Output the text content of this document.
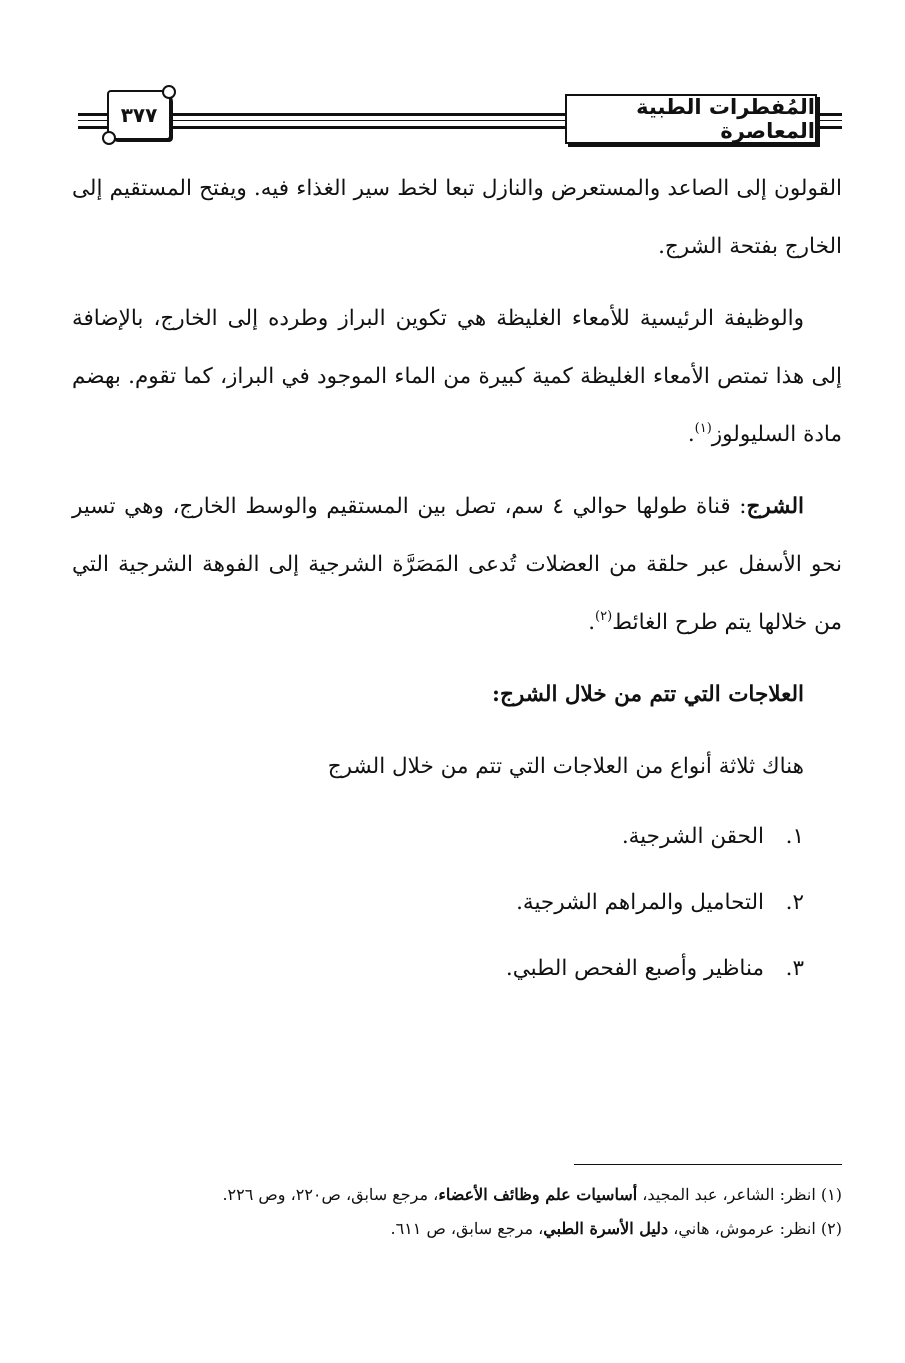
المُفطرات الطبية المعاصرة
٣٧٧

القولون إلى الصاعد والمستعرض والنازل تبعا لخط سير الغذاء فيه. ويفتح المستقيم إلى الخارج بفتحة الشرج.

والوظيفة الرئيسية للأمعاء الغليظة هي تكوين البراز وطرده إلى الخارج، بالإضافة إلى هذا تمتص الأمعاء الغليظة كمية كبيرة من الماء الموجود في البراز، كما تقوم. بهضم مادة السليولوز$^{(١)}$.

الشرج: قناة طولها حوالي ٤ سم، تصل بين المستقيم والوسط الخارج، وهي تسير نحو الأسفل عبر حلقة من العضلات تُدعى المَصَرَّة الشرجية إلى الفوهة الشرجية التي من خلالها يتم طرح الغائط$^{(٢)}$.

العلاجات التي تتم من خلال الشرج:

هناك ثلاثة أنواع من العلاجات التي تتم من خلال الشرج

١.الحقن الشرجية.
٢.التحاميل والمراهم الشرجية.
٣.مناظير وأصبع الفحص الطبي.

(١) انظر: الشاعر، عبد المجيد، أساسيات علم وظائف الأعضاء، مرجع سابق، ص٢٢٠، وص ٢٢٦.

(٢) انظر: عرموش، هاني، دليل الأسرة الطبي، مرجع سابق، ص ٦١١.
